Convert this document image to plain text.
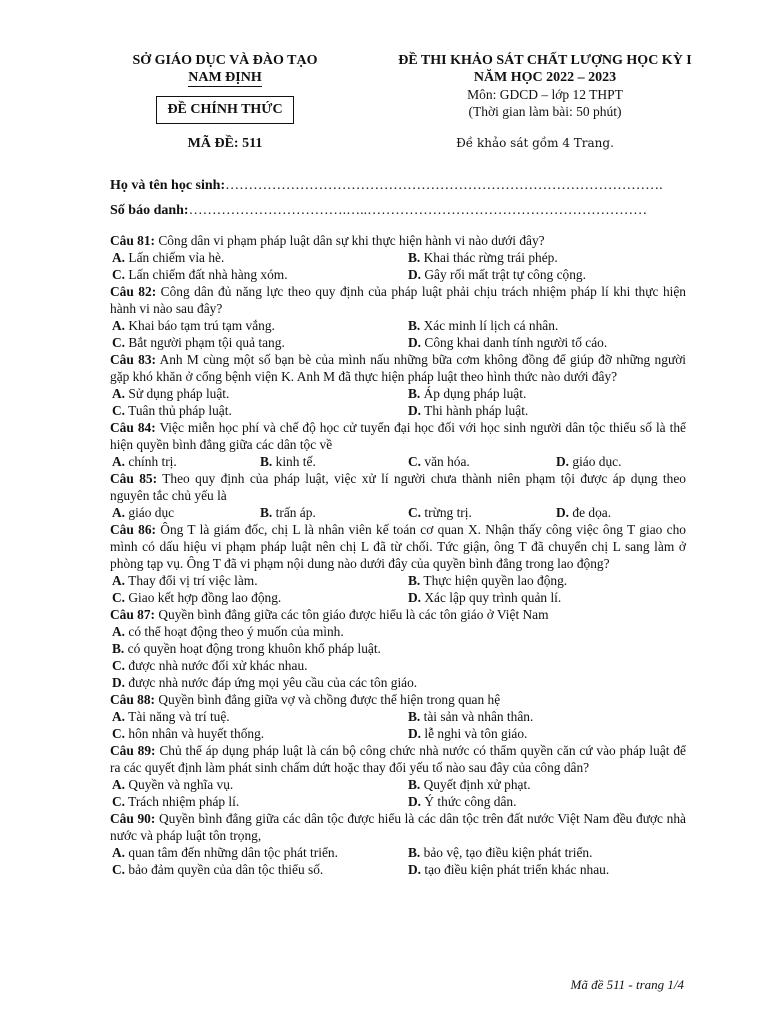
SỞ GIÁO DỤC VÀ ĐÀO TẠO
NAM ĐỊNH
ĐỀ CHÍNH THỨC
MÃ ĐỀ: 511
ĐỀ THI KHẢO SÁT CHẤT LƯỢNG HỌC KỲ I
NĂM HỌC 2022 – 2023
Môn: GDCD – lớp 12 THPT
(Thời gian làm bài: 50 phút)
Đề khảo sát gồm 4 Trang.
Họ và tên học sinh:………………………………………………………………………………….
Số báo danh:…………………………….…..……………………………………………………

Câu 81: Công dân vi phạm pháp luật dân sự khi thực hiện hành vi nào dưới đây?

A. Lấn chiếm vỉa hè.	B. Khai thác rừng trái phép.
C. Lấn chiếm đất nhà hàng xóm.	D. Gây rối mất trật tự công cộng.

Câu 82: Công dân đủ năng lực theo quy định của pháp luật phải chịu trách nhiệm pháp lí khi thực hiện hành vi nào sau đây?

A. Khai báo tạm trú tạm vắng.	B. Xác minh lí lịch cá nhân.
C. Bắt người phạm tội quả tang.	D. Công khai danh tính người tố cáo.

Câu 83: Anh M cùng một số bạn bè của mình nấu những bữa cơm không đồng để giúp đỡ những người gặp khó khăn ở cổng bệnh viện K. Anh M đã thực hiện pháp luật theo hình thức nào dưới đây?

A. Sử dụng pháp luật.	B. Áp dụng pháp luật.
C. Tuân thủ pháp luật.	D. Thi hành pháp luật.

Câu 84: Việc miễn học phí và chế độ học cử tuyển đại học đối với học sinh người dân tộc thiểu số là thể hiện quyền bình đẳng giữa các dân tộc về

A. chính trị.	B. kinh tế.	C. văn hóa.	D. giáo dục.

Câu 85: Theo quy định của pháp luật, việc xử lí người chưa thành niên phạm tội được áp dụng theo nguyên tắc chủ yếu là

A. giáo dục	B. trấn áp.	C. trừng trị.	D. đe dọa.

Câu 86: Ông T là giám đốc, chị L là nhân viên kế toán cơ quan X. Nhận thấy công việc ông T giao cho mình có dấu hiệu vi phạm pháp luật nên chị L đã từ chối. Tức giận, ông T đã chuyển chị L sang làm ở phòng tạp vụ. Ông T đã vi phạm nội dung nào dưới đây của quyền bình đẳng trong lao động?

A. Thay đổi vị trí việc làm.	B. Thực hiện quyền lao động.
C. Giao kết hợp đồng lao động.	D. Xác lập quy trình quản lí.

Câu 87: Quyền bình đẳng giữa các tôn giáo được hiểu là các tôn giáo ở Việt Nam

A. có thể hoạt động theo ý muốn của mình.
B. có quyền hoạt động trong khuôn khổ pháp luật.
C. được nhà nước đối xử khác nhau.
D. được nhà nước đáp ứng mọi yêu cầu của các tôn giáo.

Câu 88: Quyền bình đẳng giữa vợ và chồng được thể hiện trong quan hệ

A. Tài năng và trí tuệ.	B. tài sản và nhân thân.
C. hôn nhân và huyết thống.	D. lễ nghi và tôn giáo.

Câu 89: Chủ thể áp dụng pháp luật là cán bộ công chức nhà nước có thẩm quyền căn cứ vào pháp luật để ra các quyết định làm phát sinh chấm dứt hoặc thay đổi yếu tố nào sau đây của công dân?

A. Quyền và nghĩa vụ.	B. Quyết định xử phạt.
C. Trách nhiệm pháp lí.	D. Ý thức công dân.

Câu 90: Quyền bình đẳng giữa các dân tộc được hiểu là các dân tộc trên đất nước Việt Nam đều được nhà nước và pháp luật tôn trọng,

A. quan tâm đến những dân tộc phát triển.	B. bảo vệ, tạo điều kiện phát triển.
C. bảo đảm quyền của dân tộc thiểu số.	D. tạo điều kiện phát triển khác nhau.
Mã đề 511 - trang 1/4
